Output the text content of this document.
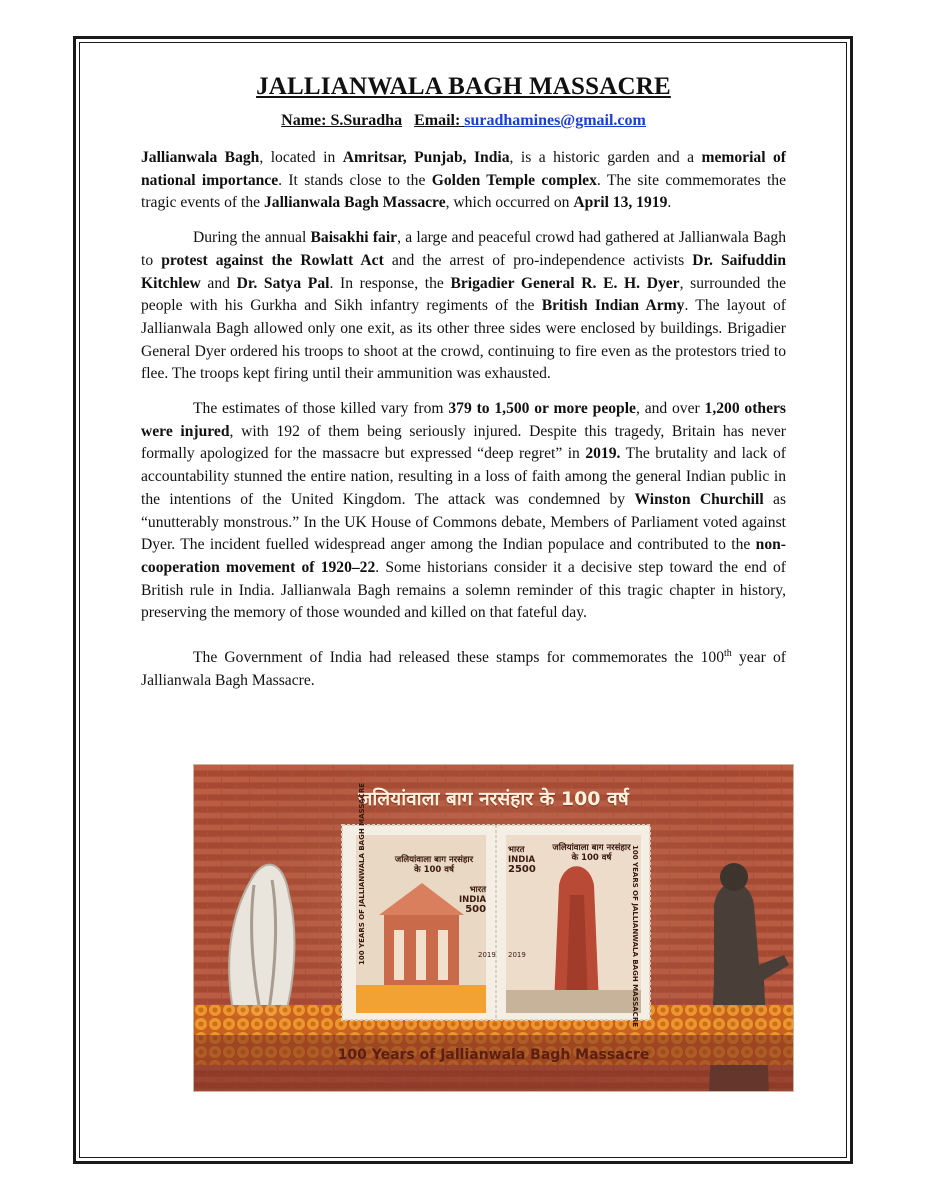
JALLIANWALA BAGH MASSACRE
Name: S.Suradha Email: suradhamines@gmail.com

Jallianwala Bagh, located in Amritsar, Punjab, India, is a historic garden and a memorial of national importance. It stands close to the Golden Temple complex. The site commemorates the tragic events of the Jallianwala Bagh Massacre, which occurred on April 13, 1919.

During the annual Baisakhi fair, a large and peaceful crowd had gathered at Jallianwala Bagh to protest against the Rowlatt Act and the arrest of pro-independence activists Dr. Saifuddin Kitchlew and Dr. Satya Pal. In response, the Brigadier General R. E. H. Dyer, surrounded the people with his Gurkha and Sikh infantry regiments of the British Indian Army. The layout of Jallianwala Bagh allowed only one exit, as its other three sides were enclosed by buildings. Brigadier General Dyer ordered his troops to shoot at the crowd, continuing to fire even as the protestors tried to flee. The troops kept firing until their ammunition was exhausted.

The estimates of those killed vary from 379 to 1,500 or more people, and over 1,200 others were injured, with 192 of them being seriously injured. Despite this tragedy, Britain has never formally apologized for the massacre but expressed “deep regret” in 2019. The brutality and lack of accountability stunned the entire nation, resulting in a loss of faith among the general Indian public in the intentions of the United Kingdom. The attack was condemned by Winston Churchill as “unutterably monstrous.” In the UK House of Commons debate, Members of Parliament voted against Dyer. The incident fuelled widespread anger among the Indian populace and contributed to the non-cooperation movement of 1920–22. Some historians consider it a decisive step toward the end of British rule in India. Jallianwala Bagh remains a solemn reminder of this tragic chapter in history, preserving the memory of those wounded and killed on that fateful day.

The Government of India had released these stamps for commemorates the 100th year of Jallianwala Bagh Massacre.

जलियांवाला बाग नरसंहार के 100 वर्ष
जलियांवाला बाग नरसंहार
के 100 वर्ष
भारत
INDIA
500
100 YEARS OF JALLIANWALA BAGH MASSACRE	2019
जलियांवाला बाग नरसंहार
के 100 वर्ष
भारत
INDIA
2500	100 YEARS OF JALLIANWALA BAGH MASSACRE
2019
100 Years of Jallianwala Bagh Massacre
